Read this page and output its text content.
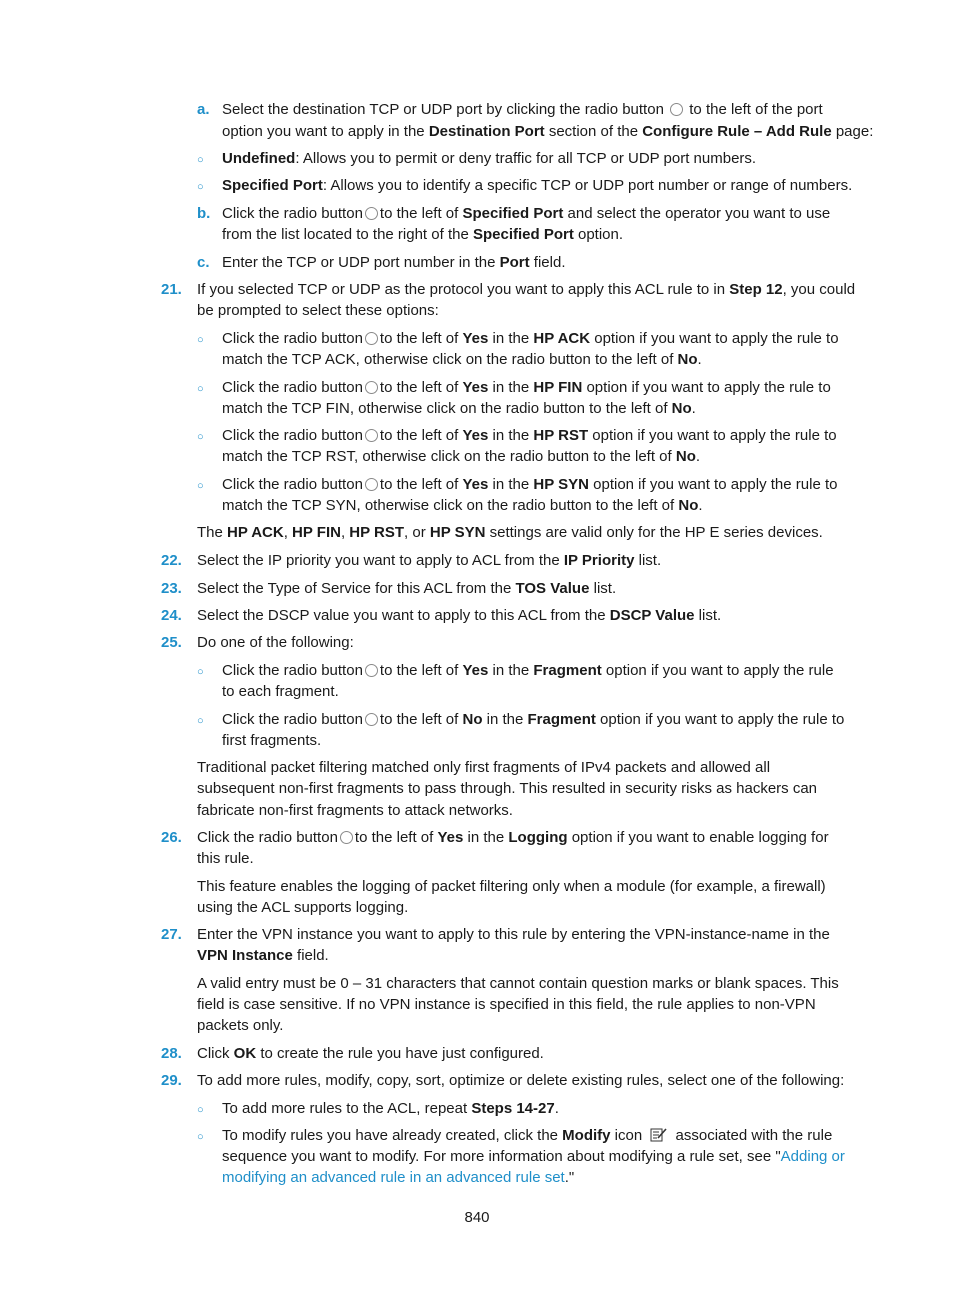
a. Select the destination TCP or UDP port by clicking the radio button to the left of the port
option you want to apply in the Destination Port section of the Configure Rule – Add Rule page:
○ Undefined: Allows you to permit or deny traffic for all TCP or UDP port numbers.
○ Specified Port: Allows you to identify a specific TCP or UDP port number or range of numbers.
b. Click the radio button to the left of Specified Port and select the operator you want to use
from the list located to the right of the Specified Port option.
c. Enter the TCP or UDP port number in the Port field.
21. If you selected TCP or UDP as the protocol you want to apply this ACL rule to in Step 12, you could
be prompted to select these options:
○ Click the radio button to the left of Yes in the HP ACK option if you want to apply the rule to
match the TCP ACK, otherwise click on the radio button to the left of No.
○ Click the radio button to the left of Yes in the HP FIN option if you want to apply the rule to
match the TCP FIN, otherwise click on the radio button to the left of No.
○ Click the radio button to the left of Yes in the HP RST option if you want to apply the rule to
match the TCP RST, otherwise click on the radio button to the left of No.
○ Click the radio button to the left of Yes in the HP SYN option if you want to apply the rule to
match the TCP SYN, otherwise click on the radio button to the left of No.
The HP ACK, HP FIN, HP RST, or HP SYN settings are valid only for the HP E series devices.
22. Select the IP priority you want to apply to ACL from the IP Priority list.
23. Select the Type of Service for this ACL from the TOS Value list.
24. Select the DSCP value you want to apply to this ACL from the DSCP Value list.
25. Do one of the following:
○ Click the radio button to the left of Yes in the Fragment option if you want to apply the rule
to each fragment.
○ Click the radio button to the left of No in the Fragment option if you want to apply the rule to
first fragments.
Traditional packet filtering matched only first fragments of IPv4 packets and allowed all
subsequent non-first fragments to pass through. This resulted in security risks as hackers can
fabricate non-first fragments to attack networks.
26. Click the radio button to the left of Yes in the Logging option if you want to enable logging for
this rule.
This feature enables the logging of packet filtering only when a module (for example, a firewall)
using the ACL supports logging.
27. Enter the VPN instance you want to apply to this rule by entering the VPN-instance-name in the
VPN Instance field.
A valid entry must be 0 – 31 characters that cannot contain question marks or blank spaces. This
field is case sensitive. If no VPN instance is specified in this field, the rule applies to non-VPN
packets only.
28. Click OK to create the rule you have just configured.
29. To add more rules, modify, copy, sort, optimize or delete existing rules, select one of the following:
○ To add more rules to the ACL, repeat Steps 14-27.
○ To modify rules you have already created, click the Modify icon associated with the rule
sequence you want to modify. For more information about modifying a rule set, see "Adding or
modifying an advanced rule in an advanced rule set."
840
